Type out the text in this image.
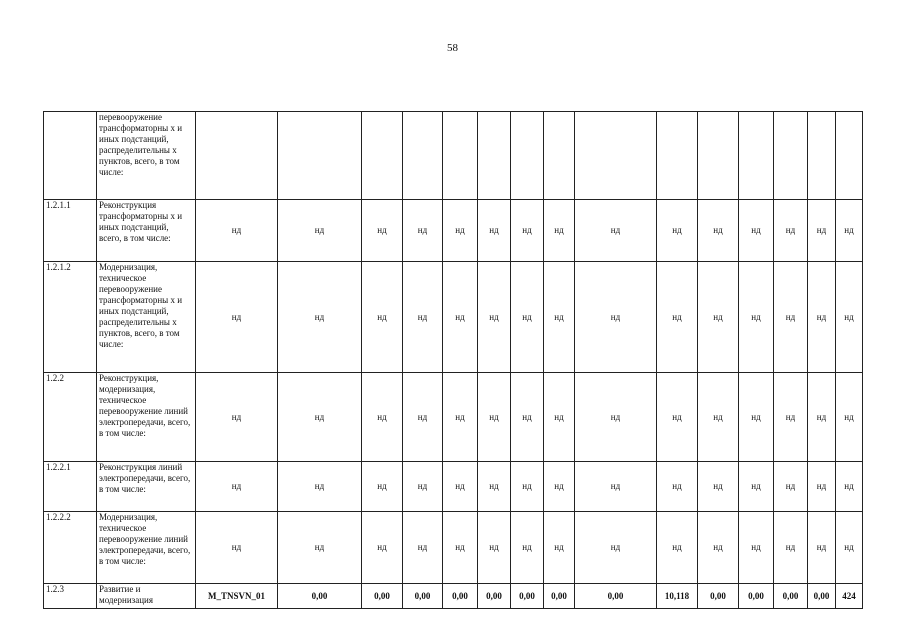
58
	перевооружение трансформаторны х и иных подстанций, распределительны х пунктов, всего, в том числе:															
1.2.1.1	Реконструкция трансформаторны х и иных подстанций, всего, в том числе:	нд	нд	нд	нд	нд	нд	нд	нд	нд	нд	нд	нд	нд	нд	нд
1.2.1.2	Модернизация, техническое перевооружение трансформаторны х и иных подстанций, распределительны х пунктов, всего, в том числе:	нд	нд	нд	нд	нд	нд	нд	нд	нд	нд	нд	нд	нд	нд	нд
1.2.2	Реконструкция, модернизация, техническое перевооружение линий электропередачи, всего, в том числе:	нд	нд	нд	нд	нд	нд	нд	нд	нд	нд	нд	нд	нд	нд	нд
1.2.2.1	Реконструкция линий электропередачи, всего, в том числе:	нд	нд	нд	нд	нд	нд	нд	нд	нд	нд	нд	нд	нд	нд	нд
1.2.2.2	Модернизация, техническое перевооружение линий электропередачи, всего, в том числе:	нд	нд	нд	нд	нд	нд	нд	нд	нд	нд	нд	нд	нд	нд	нд
1.2.3	Развитие и модернизация	M_TNSVN_01	0,00	0,00	0,00	0,00	0,00	0,00	0,00	0,00	10,118	0,00	0,00	0,00	0,00	424
